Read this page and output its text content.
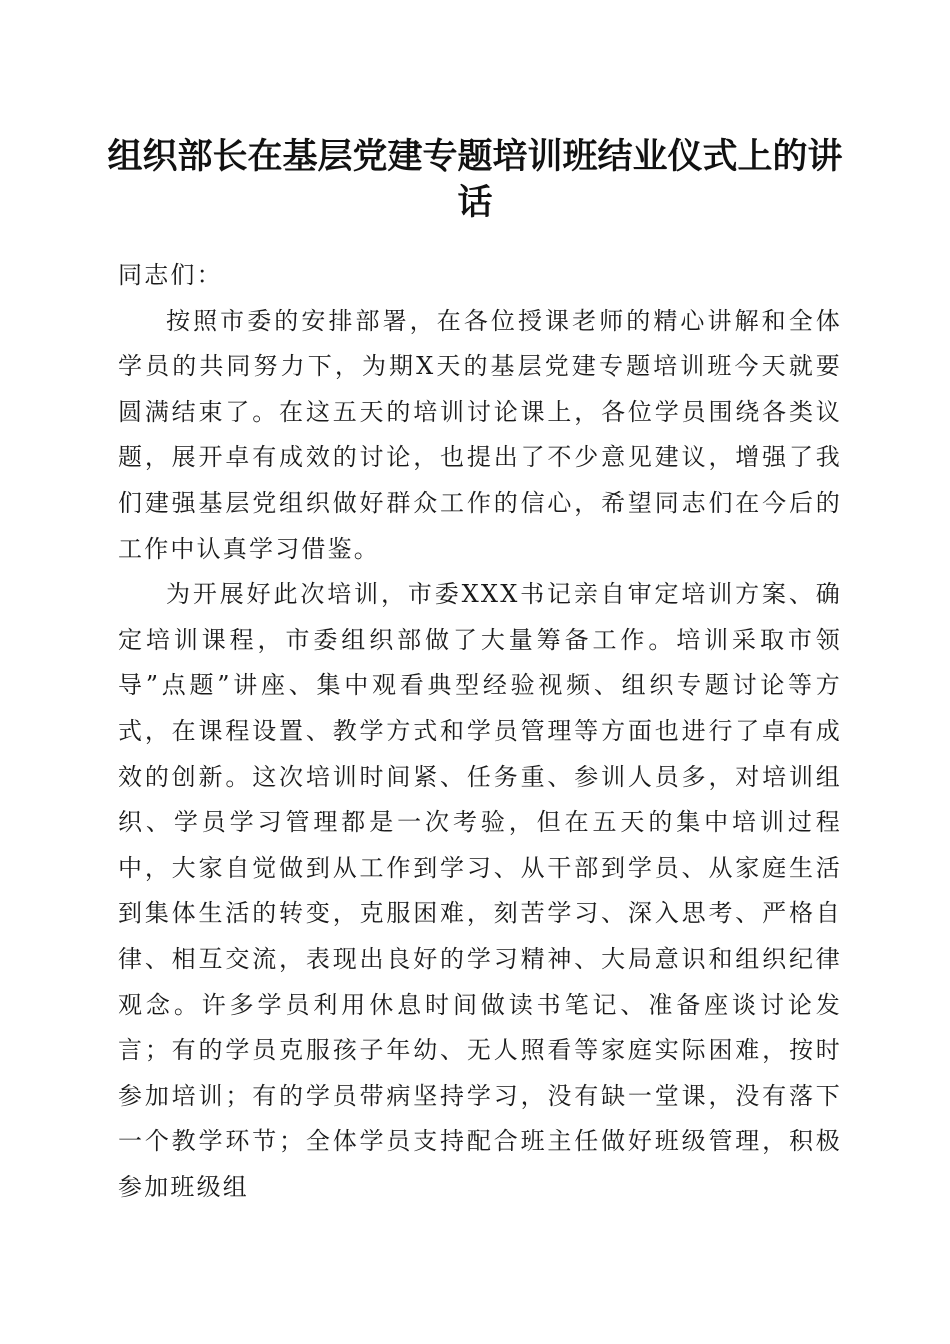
组织部长在基层党建专题培训班结业仪式上的讲话

同志们：

按照市委的安排部署，在各位授课老师的精心讲解和全体学员的共同努力下，为期X天的基层党建专题培训班今天就要圆满结束了。在这五天的培训讨论课上，各位学员围绕各类议题，展开卓有成效的讨论，也提出了不少意见建议，增强了我们建强基层党组织做好群众工作的信心，希望同志们在今后的工作中认真学习借鉴。

为开展好此次培训，市委XXX书记亲自审定培训方案、确定培训课程，市委组织部做了大量筹备工作。培训采取市领导”点题”讲座、集中观看典型经验视频、组织专题讨论等方式，在课程设置、教学方式和学员管理等方面也进行了卓有成效的创新。这次培训时间紧、任务重、参训人员多，对培训组织、学员学习管理都是一次考验，但在五天的集中培训过程中，大家自觉做到从工作到学习、从干部到学员、从家庭生活到集体生活的转变，克服困难，刻苦学习、深入思考、严格自律、相互交流，表现出良好的学习精神、大局意识和组织纪律观念。许多学员利用休息时间做读书笔记、准备座谈讨论发言；有的学员克服孩子年幼、无人照看等家庭实际困难，按时参加培训；有的学员带病坚持学习，没有缺一堂课，没有落下一个教学环节；全体学员支持配合班主任做好班级管理，积极参加班级组
